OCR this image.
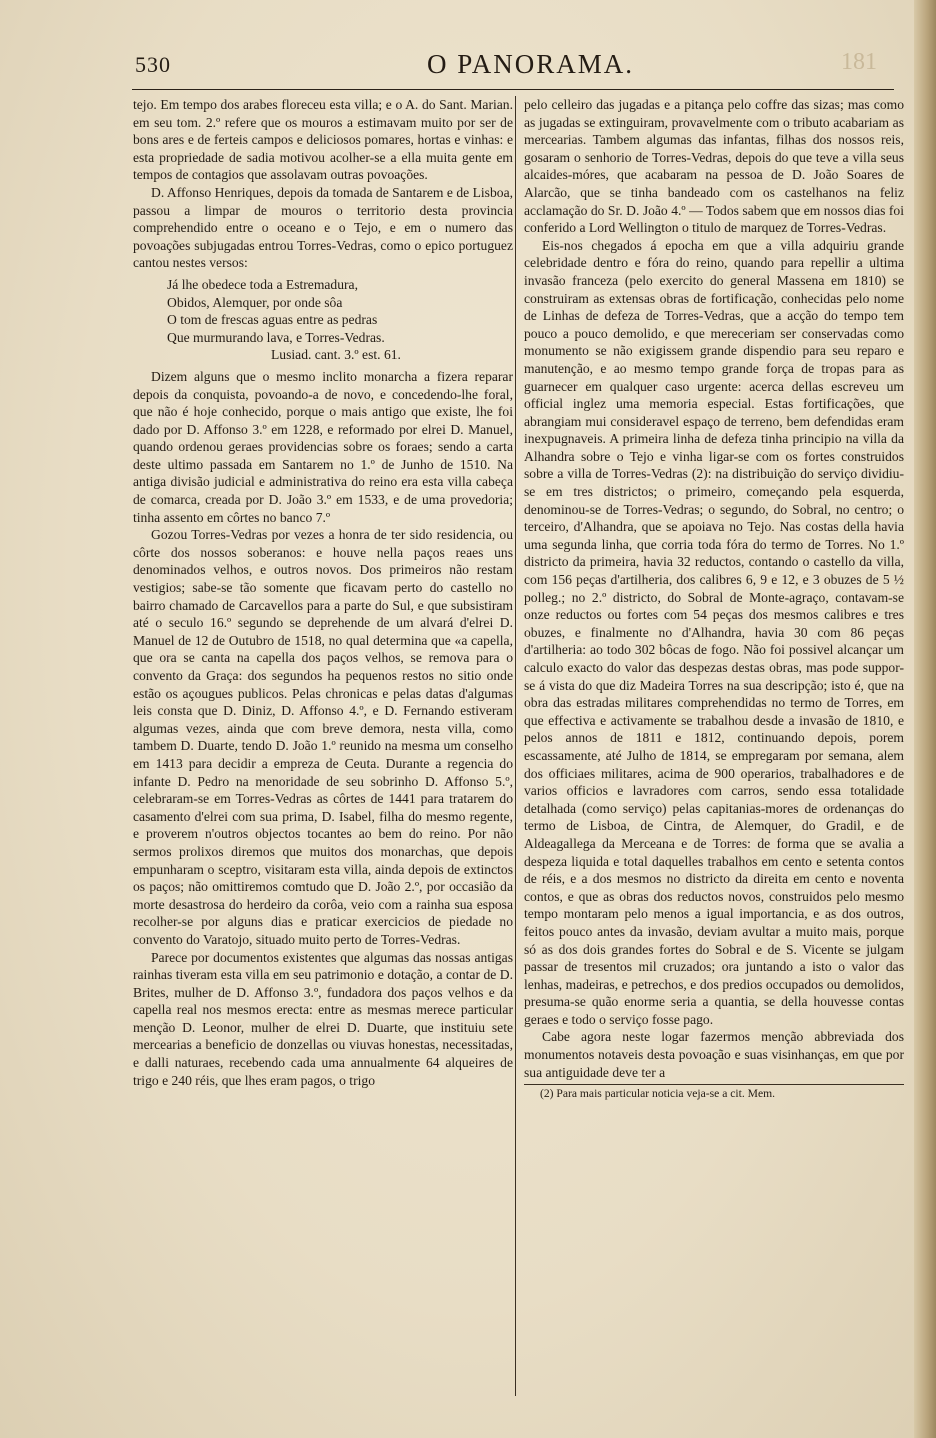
530	O PANORAMA.	181

tejo. Em tempo dos arabes floreceu esta villa; e o A. do Sant. Marian. em seu tom. 2.º refere que os mouros a estimavam muito por ser de bons ares e de ferteis campos e deliciosos pomares, hortas e vinhas: e esta propriedade de sadia motivou acolher-se a ella muita gente em tempos de contagios que assolavam outras povoações.

D. Affonso Henriques, depois da tomada de Santarem e de Lisboa, passou a limpar de mouros o territorio desta provincia comprehendido entre o oceano e o Tejo, e em o numero das povoações subjugadas entrou Torres-Vedras, como o epico portuguez cantou nestes versos:

Já lhe obedece toda a Estremadura,
Obidos, Alemquer, por onde sôa
O tom de frescas aguas entre as pedras
Que murmurando lava, e Torres-Vedras.
Lusiad. cant. 3.º est. 61.

Dizem alguns que o mesmo inclito monarcha a fizera reparar depois da conquista, povoando-a de novo, e concedendo-lhe foral, que não é hoje conhecido, porque o mais antigo que existe, lhe foi dado por D. Affonso 3.º em 1228, e reformado por elrei D. Manuel, quando ordenou geraes providencias sobre os foraes; sendo a carta deste ultimo passada em Santarem no 1.º de Junho de 1510. Na antiga divisão judicial e administrativa do reino era esta villa cabeça de comarca, creada por D. João 3.º em 1533, e de uma provedoria; tinha assento em côrtes no banco 7.º

Gozou Torres-Vedras por vezes a honra de ter sido residencia, ou côrte dos nossos soberanos: e houve nella paços reaes uns denominados velhos, e outros novos. Dos primeiros não restam vestigios; sabe-se tão somente que ficavam perto do castello no bairro chamado de Carcavellos para a parte do Sul, e que subsistiram até o seculo 16.º segundo se deprehende de um alvará d'elrei D. Manuel de 12 de Outubro de 1518, no qual determina que «a capella, que ora se canta na capella dos paços velhos, se remova para o convento da Graça: dos segundos ha pequenos restos no sitio onde estão os açougues publicos. Pelas chronicas e pelas datas d'algumas leis consta que D. Diniz, D. Affonso 4.º, e D. Fernando estiveram algumas vezes, ainda que com breve demora, nesta villa, como tambem D. Duarte, tendo D. João 1.º reunido na mesma um conselho em 1413 para decidir a empreza de Ceuta. Durante a regencia do infante D. Pedro na menoridade de seu sobrinho D. Affonso 5.º, celebraram-se em Torres-Vedras as côrtes de 1441 para tratarem do casamento d'elrei com sua prima, D. Isabel, filha do mesmo regente, e proverem n'outros objectos tocantes ao bem do reino. Por não sermos prolixos diremos que muitos dos monarchas, que depois empunharam o sceptro, visitaram esta villa, ainda depois de extinctos os paços; não omittiremos comtudo que D. João 2.º, por occasião da morte desastrosa do herdeiro da corôa, veio com a rainha sua esposa recolher-se por alguns dias e praticar exercicios de piedade no convento do Varatojo, situado muito perto de Torres-Vedras.

Parece por documentos existentes que algumas das nossas antigas rainhas tiveram esta villa em seu patrimonio e dotação, a contar de D. Brites, mulher de D. Affonso 3.º, fundadora dos paços velhos e da capella real nos mesmos erecta: entre as mesmas merece particular menção D. Leonor, mulher de elrei D. Duarte, que instituiu sete mercearias a beneficio de donzellas ou viuvas honestas, necessitadas, e dalli naturaes, recebendo cada uma annualmente 64 alqueires de trigo e 240 réis, que lhes eram pagos, o trigo

pelo celleiro das jugadas e a pitança pelo coffre das sizas; mas como as jugadas se extinguiram, provavelmente com o tributo acabariam as mercearias. Tambem algumas das infantas, filhas dos nossos reis, gosaram o senhorio de Torres-Vedras, depois do que teve a villa seus alcaides-móres, que acabaram na pessoa de D. João Soares de Alarcão, que se tinha bandeado com os castelhanos na feliz acclamação do Sr. D. João 4.º — Todos sabem que em nossos dias foi conferido a Lord Wellington o titulo de marquez de Torres-Vedras.

Eis-nos chegados á epocha em que a villa adquiriu grande celebridade dentro e fóra do reino, quando para repellir a ultima invasão franceza (pelo exercito do general Massena em 1810) se construiram as extensas obras de fortificação, conhecidas pelo nome de Linhas de defeza de Torres-Vedras, que a acção do tempo tem pouco a pouco demolido, e que mereceriam ser conservadas como monumento se não exigissem grande dispendio para seu reparo e manutenção, e ao mesmo tempo grande força de tropas para as guarnecer em qualquer caso urgente: acerca dellas escreveu um official inglez uma memoria especial. Estas fortificações, que abrangiam mui consideravel espaço de terreno, bem defendidas eram inexpugnaveis. A primeira linha de defeza tinha principio na villa da Alhandra sobre o Tejo e vinha ligar-se com os fortes construidos sobre a villa de Torres-Vedras (2): na distribuição do serviço dividiu-se em tres districtos; o primeiro, começando pela esquerda, denominou-se de Torres-Vedras; o segundo, do Sobral, no centro; o terceiro, d'Alhandra, que se apoiava no Tejo. Nas costas della havia uma segunda linha, que corria toda fóra do termo de Torres. No 1.º districto da primeira, havia 32 reductos, contando o castello da villa, com 156 peças d'artilheria, dos calibres 6, 9 e 12, e 3 obuzes de 5 ½ polleg.; no 2.º districto, do Sobral de Monte-agraço, contavam-se onze reductos ou fortes com 54 peças dos mesmos calibres e tres obuzes, e finalmente no d'Alhandra, havia 30 com 86 peças d'artilheria: ao todo 302 bôcas de fogo. Não foi possivel alcançar um calculo exacto do valor das despezas destas obras, mas pode suppor-se á vista do que diz Madeira Torres na sua descripção; isto é, que na obra das estradas militares comprehendidas no termo de Torres, em que effectiva e activamente se trabalhou desde a invasão de 1810, e pelos annos de 1811 e 1812, continuando depois, porem escassamente, até Julho de 1814, se empregaram por semana, alem dos officiaes militares, acima de 900 operarios, trabalhadores e de varios officios e lavradores com carros, sendo essa totalidade detalhada (como serviço) pelas capitanias-mores de ordenanças do termo de Lisboa, de Cintra, de Alemquer, do Gradil, e de Aldeagallega da Merceana e de Torres: de forma que se avalia a despeza liquida e total daquelles trabalhos em cento e setenta contos de réis, e a dos mesmos no districto da direita em cento e noventa contos, e que as obras dos reductos novos, construidos pelo mesmo tempo montaram pelo menos a igual importancia, e as dos outros, feitos pouco antes da invasão, deviam avultar a muito mais, porque só as dos dois grandes fortes do Sobral e de S. Vicente se julgam passar de tresentos mil cruzados; ora juntando a isto o valor das lenhas, madeiras, e petrechos, e dos predios occupados ou demolidos, presuma-se quão enorme seria a quantia, se della houvesse contas geraes e todo o serviço fosse pago.

Cabe agora neste logar fazermos menção abbreviada dos monumentos notaveis desta povoação e suas visinhanças, em que por sua antiguidade deve ter a

(2) Para mais particular noticia veja-se a cit. Mem.
